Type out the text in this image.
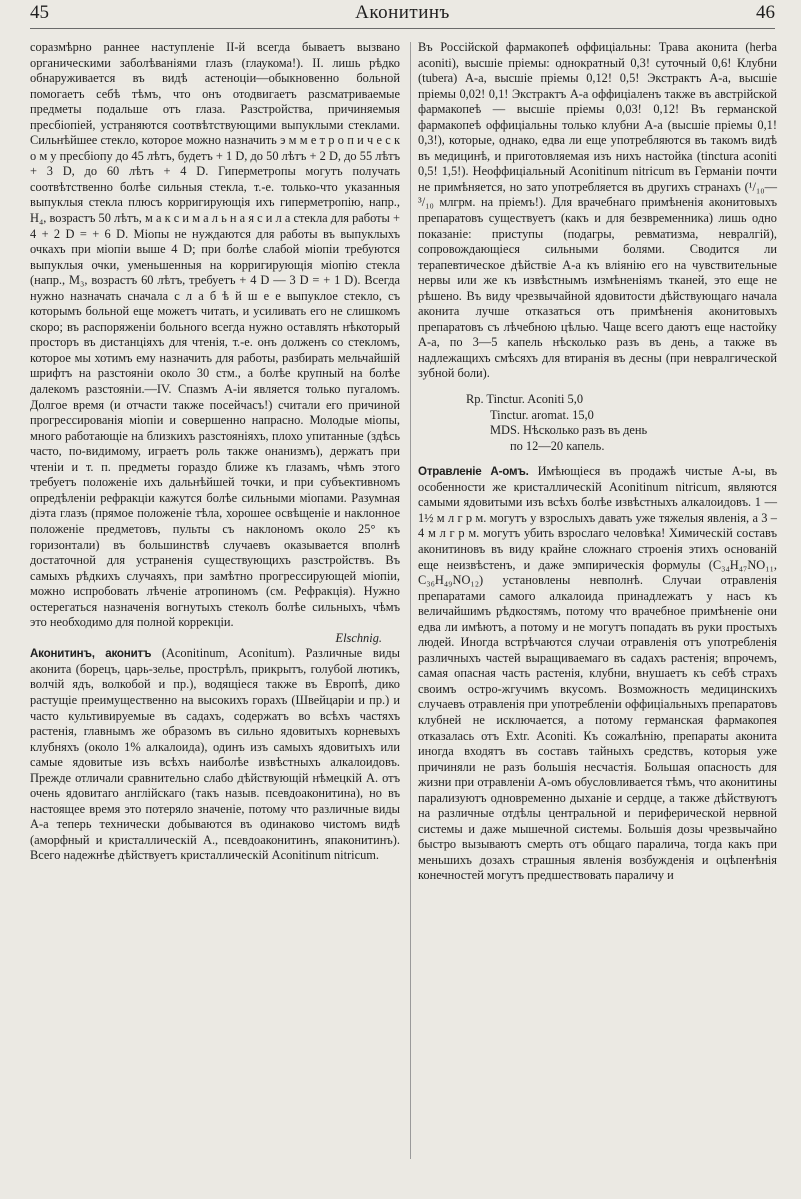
45	Аконитинъ	46

соразмѣрно раннее наступленіе II-й всегда бываетъ вызвано органическими заболѣваніями глазъ (глаукома!). II. лишь рѣдко обнаруживается въ видѣ астеноціи—обыкновенно больной помогаетъ себѣ тѣмъ, что онъ отодвигаетъ разсматриваемые предметы подальше отъ глаза. Разстройства, причиняемыя пресбіопіей, устраняются соотвѣтствующими выпуклыми стеклами. Сильнѣйшее стекло, которое можно назначить э м м е т р о п и ч е с к о м у пресбіопу до 45 лѣтъ, будетъ + 1 D, до 50 лѣтъ + 2 D, до 55 лѣтъ + 3 D, до 60 лѣтъ + 4 D. Гиперметропы могутъ получать соотвѣтственно болѣе сильныя стекла, т.-е. только-что указанныя выпуклыя стекла плюсъ корригирующія ихъ гиперметропію, напр., H₄, возрастъ 50 лѣтъ, м а к с и м а л ь н а я с и л а стекла для работы + 4 + 2 D = + 6 D. Міопы не нуждаются для работы въ выпуклыхъ очкахъ при міопіи выше 4 D; при болѣе слабой міопіи требуются выпуклыя очки, уменьшенныя на корригирующія міопію стекла (напр., M₃, возрастъ 60 лѣтъ, требуетъ + 4 D — 3 D = + 1 D). Всегда нужно назначать сначала с л а б ѣ й ш е е выпуклое стекло, съ которымъ больной еще можетъ читать, и усиливать его не слишкомъ скоро; въ распоряженіи больного всегда нужно оставлять нѣкоторый просторъ въ дистанціяхъ для чтенія, т.-е. онъ долженъ со стекломъ, которое мы хотимъ ему назначить для работы, разбирать мельчайшій шрифтъ на разстояніи около 30 стм., а болѣе крупный на болѣе далекомъ разстояніи.—IV. Спазмъ А-іи является только пугаломъ. Долгое время (и отчасти также посейчасъ!) считали его причиной прогрессированія міопіи и совершенно напрасно. Молодые міопы, много работающіе на близкихъ разстояніяхъ, плохо упитанные (здѣсь часто, по-видимому, играетъ роль также онанизмъ), держатъ при чтеніи и т. п. предметы гораздо ближе къ глазамъ, чѣмъ этого требуетъ положеніе ихъ дальнѣйшей точки, и при субъективномъ опредѣленіи рефракціи кажутся болѣе сильными міопами. Разумная діэта глазъ (прямое положеніе тѣла, хорошее освѣщеніе и наклонное положеніе предметовъ, пульты съ наклономъ около 25° къ горизонтали) въ большинствѣ случаевъ оказывается вполнѣ достаточной для устраненія существующихъ разстройствъ. Въ самыхъ рѣдкихъ случаяхъ, при замѣтно прогрессирующей міопіи, можно испробовать лѣченіе атропиномъ (см. Рефракція). Нужно остерегаться назначенія вогнутыхъ стеколъ болѣе сильныхъ, чѣмъ это необходимо для полной коррекціи.

Elschnig.

Аконитинъ, аконитъ (Aconitinum, Aconitum). Различные виды аконита (борецъ, царь-зелье, прострѣлъ, прикрытъ, голубой лютикъ, волчій ядъ, волкобой и пр.), водящіеся также въ Европѣ, дико растущіе преимущественно на высокихъ горахъ (Швейцаріи и пр.) и часто культивируемые въ садахъ, содержатъ во всѣхъ частяхъ растенія, главнымъ же образомъ въ сильно ядовитыхъ корневыхъ клубняхъ (около 1% алкалоида), одинъ изъ самыхъ ядовитыхъ или самые ядовитые изъ всѣхъ наиболѣе извѣстныхъ алкалоидовъ. Прежде отличали сравнительно слабо дѣйствующій нѣмецкій А. отъ очень ядовитаго англійскаго (такъ назыв. псевдоаконитина), но въ настоящее время это потеряло значеніе, потому что различные виды А-а теперь технически добываются въ одинаково чистомъ видѣ (аморфный и кристаллическій А., псевдоаконитинъ, япаконитинъ). Всего надежнѣе дѣйствуетъ кристаллическій Aconitinum nitricum.

Въ Россійской фармакопеѣ оффиціальны: Трава аконита (herba aconiti), высшіе пріемы: однократный 0,3! суточный 0,6! Клубни (tubera) А-а, высшіе пріемы 0,12! 0,5! Экстрактъ А-а, высшіе пріемы 0,02! 0,1! Экстрактъ А-а оффиціаленъ также въ австрійской фармакопеѣ — высшіе пріемы 0,03! 0,12! Въ германской фармакопеѣ оффиціальны только клубни А-а (высшіе пріемы 0,1! 0,3!), которые, однако, едва ли еще употребляются въ такомъ видѣ въ медицинѣ, и приготовляемая изъ нихъ настойка (tinctura aconiti 0,5! 1,5!). Неоффиціальный Aconitinum nitricum въ Германіи почти не примѣняется, но зато употребляется въ другихъ странахъ (¹/₁₀—³/₁₀ млгрм. на пріемъ!). Для врачебнаго примѣненія аконитовыхъ препаратовъ существуетъ (какъ и для безвременника) лишь одно показаніе: приступы (подагры, ревматизма, невралгій), сопровождающіеся сильными болями. Сводится ли терапевтическое дѣйствіе А-а къ вліянію его на чувствительные нервы или же къ извѣстнымъ измѣненіямъ тканей, это еще не рѣшено. Въ виду чрезвычайной ядовитости дѣйствующаго начала аконита лучше отказаться отъ примѣненія аконитовыхъ препаратовъ съ лѣчебною цѣлью. Чаще всего даютъ еще настойку А-а, по 3—5 капель нѣсколько разъ въ день, а также въ надлежащихъ смѣсяхъ для втиранія въ десны (при невралгической зубной боли).

Rp. Tinctur. Aconiti 5,0
Tinctur. aromat. 15,0
MDS. Нѣсколько разъ въ день
по 12—20 капель.

Отравленіе А-омъ. Имѣющіеся въ продажѣ чистые А-ы, въ особенности же кристаллическій Aconitinum nitricum, являются самыми ядовитыми изъ всѣхъ болѣе извѣстныхъ алкалоидовъ. 1 — 1½ м л г р м. могутъ у взрослыхъ давать уже тяжелыя явленія, а 3 – 4 м л г р м. могутъ убить взрослаго человѣка! Химическій составъ аконитиновъ въ виду крайне сложнаго строенія этихъ основаній еще неизвѣстенъ, и даже эмпирическія формулы (C₃₄H₄₇NO₁₁, C₃₆H₄₉NO₁₂) установлены невполнѣ. Случаи отравленія препаратами самого алкалоида принадлежатъ у насъ къ величайшимъ рѣдкостямъ, потому что врачебное примѣненіе они едва ли имѣютъ, а потому и не могутъ попадать въ руки простыхъ людей. Иногда встрѣчаются случаи отравленія отъ употребленія различныхъ частей выращиваемаго въ садахъ растенія; впрочемъ, самая опасная часть растенія, клубни, внушаетъ къ себѣ страхъ своимъ остро-жгучимъ вкусомъ. Возможность медицинскихъ случаевъ отравленія при употребленіи оффиціальныхъ препаратовъ клубней не исключается, а потому германская фармакопея отказалась отъ Extr. Aconiti. Къ сожалѣнію, препараты аконита иногда входятъ въ составъ тайныхъ средствъ, которыя уже причиняли не разъ большія несчастія. Большая опасность для жизни при отравленіи А-омъ обусловливается тѣмъ, что аконитины парализуютъ одновременно дыханіе и сердце, а также дѣйствуютъ на различные отдѣлы центральной и периферической нервной системы и даже мышечной системы. Большія дозы чрезвычайно быстро вызываютъ смерть отъ общаго паралича, тогда какъ при меньшихъ дозахъ страшныя явленія возбужденія и оцѣпенѣнія конечностей могутъ предшествовать параличу и
